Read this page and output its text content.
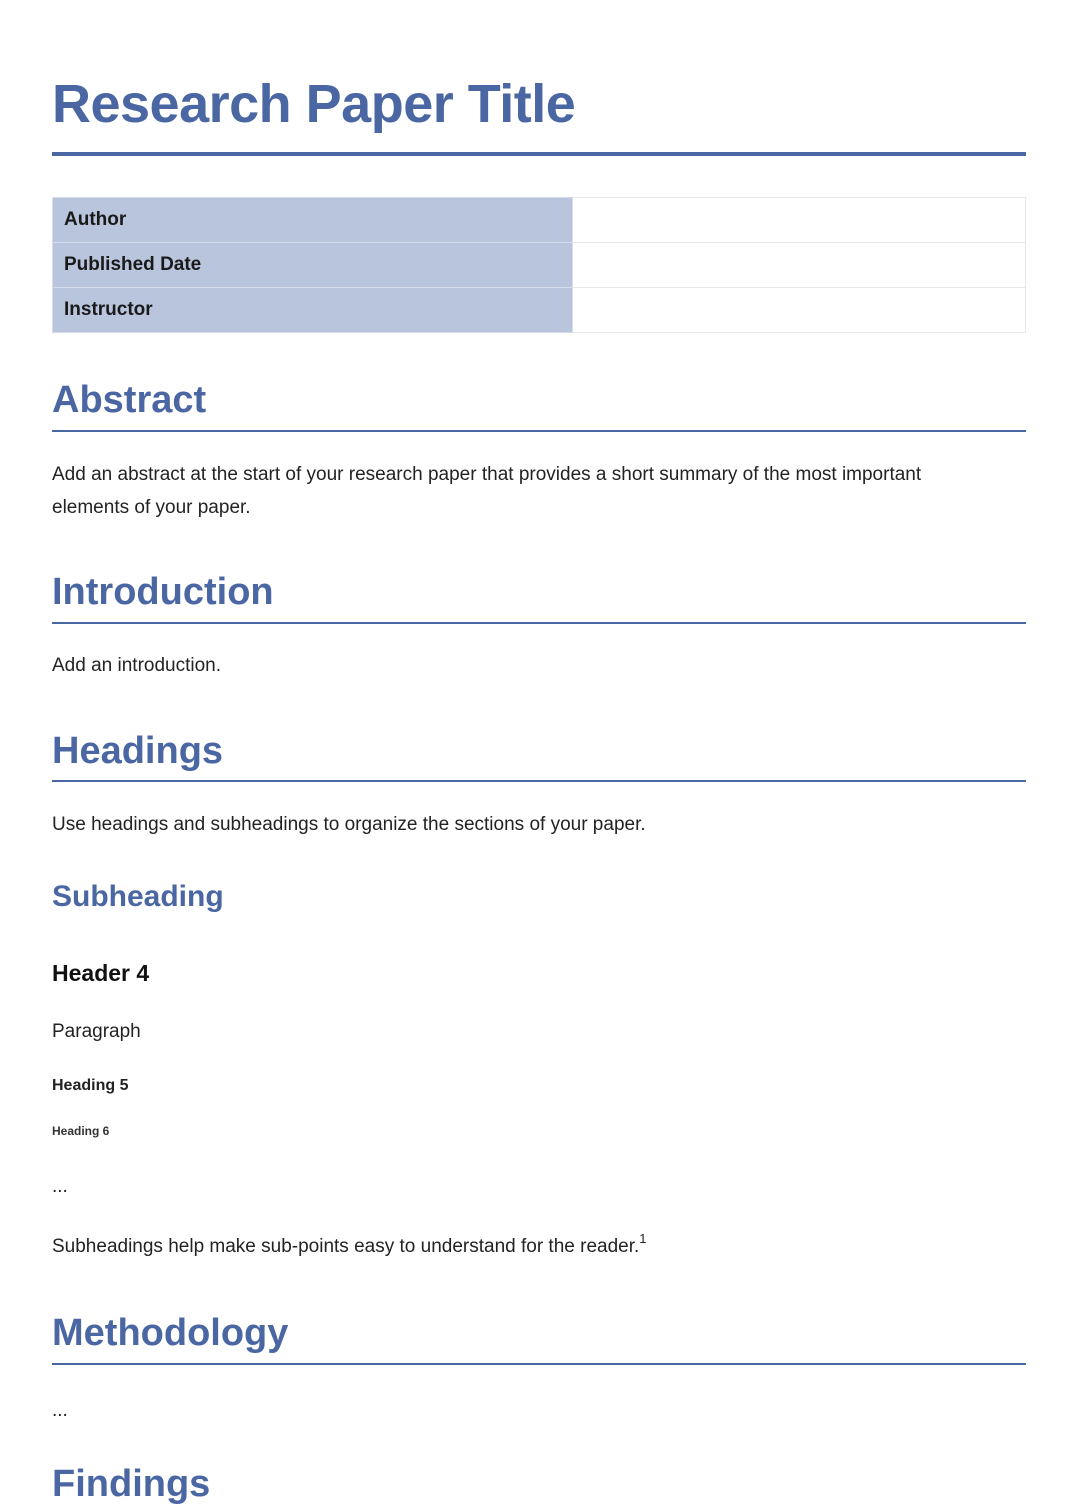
Research Paper Title
Author	
Published Date	
Instructor	
Abstract

Add an abstract at the start of your research paper that provides a short summary of the most important elements of your paper.

Introduction

Add an introduction.

Headings

Use headings and subheadings to organize the sections of your paper.

Subheading
Header 4

Paragraph

Heading 5
Heading 6

...

Subheadings help make sub-points easy to understand for the reader.$^1$

Methodology

...

Findings
